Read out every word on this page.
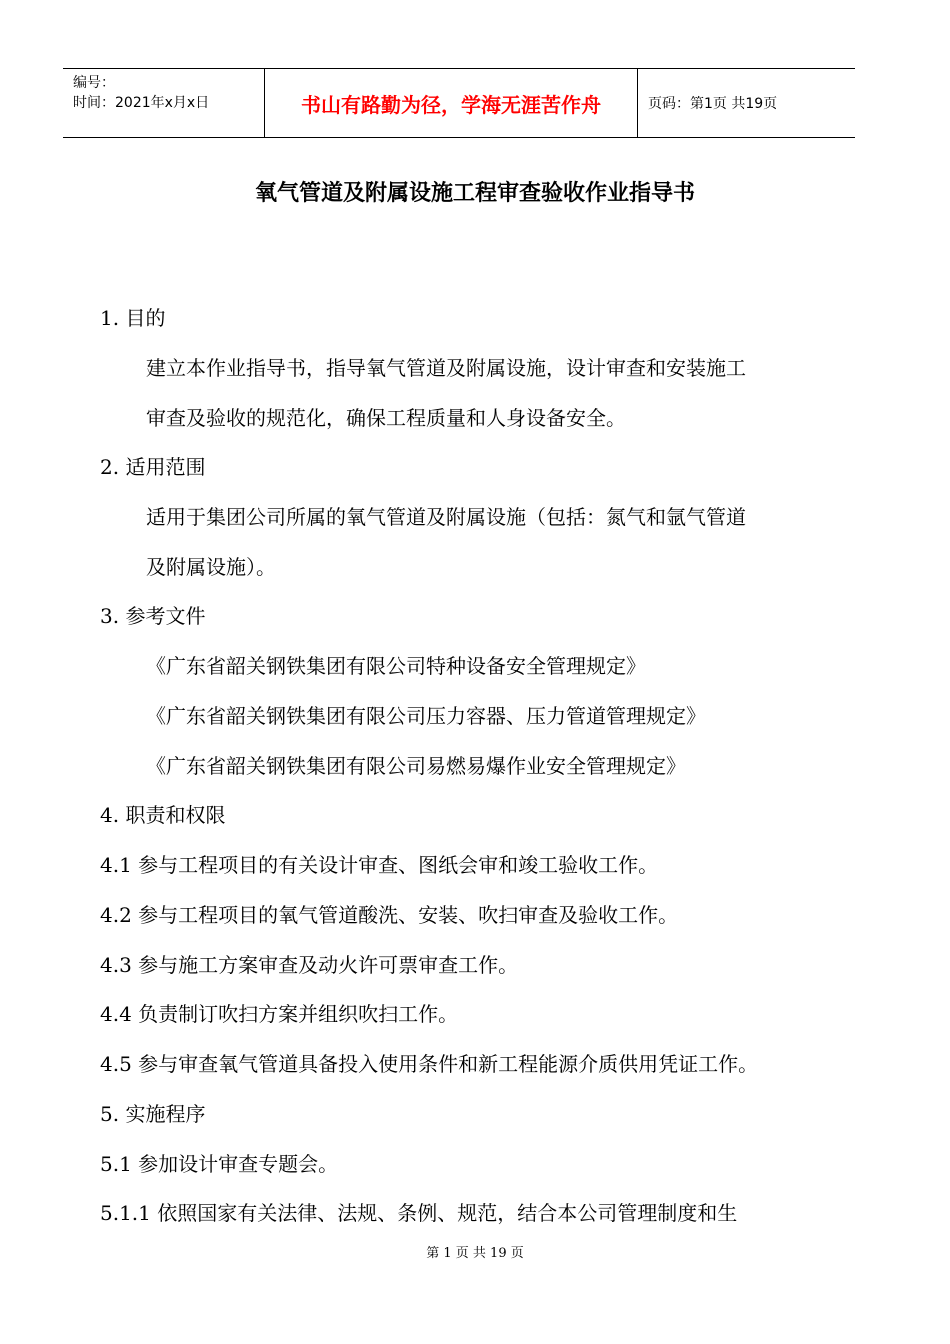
编号：
时间：2021年x月x日	书山有路勤为径，学海无涯苦作舟	页码：第1页 共19页
氧气管道及附属设施工程审查验收作业指导书
1. 目的
建立本作业指导书，指导氧气管道及附属设施，设计审查和安装施工
审查及验收的规范化，确保工程质量和人身设备安全。
2. 适用范围
适用于集团公司所属的氧气管道及附属设施（包括：氮气和氩气管道
及附属设施）。
3. 参考文件
《广东省韶关钢铁集团有限公司特种设备安全管理规定》
《广东省韶关钢铁集团有限公司压力容器、压力管道管理规定》
《广东省韶关钢铁集团有限公司易燃易爆作业安全管理规定》
4. 职责和权限
4.1 参与工程项目的有关设计审查、图纸会审和竣工验收工作。
4.2 参与工程项目的氧气管道酸洗、安装、吹扫审查及验收工作。
4.3 参与施工方案审查及动火许可票审查工作。
4.4 负责制订吹扫方案并组织吹扫工作。
4.5 参与审查氧气管道具备投入使用条件和新工程能源介质供用凭证工作。
5. 实施程序
5.1 参加设计审查专题会。
5.1.1 依照国家有关法律、法规、条例、规范，结合本公司管理制度和生
第 1 页 共 19 页
